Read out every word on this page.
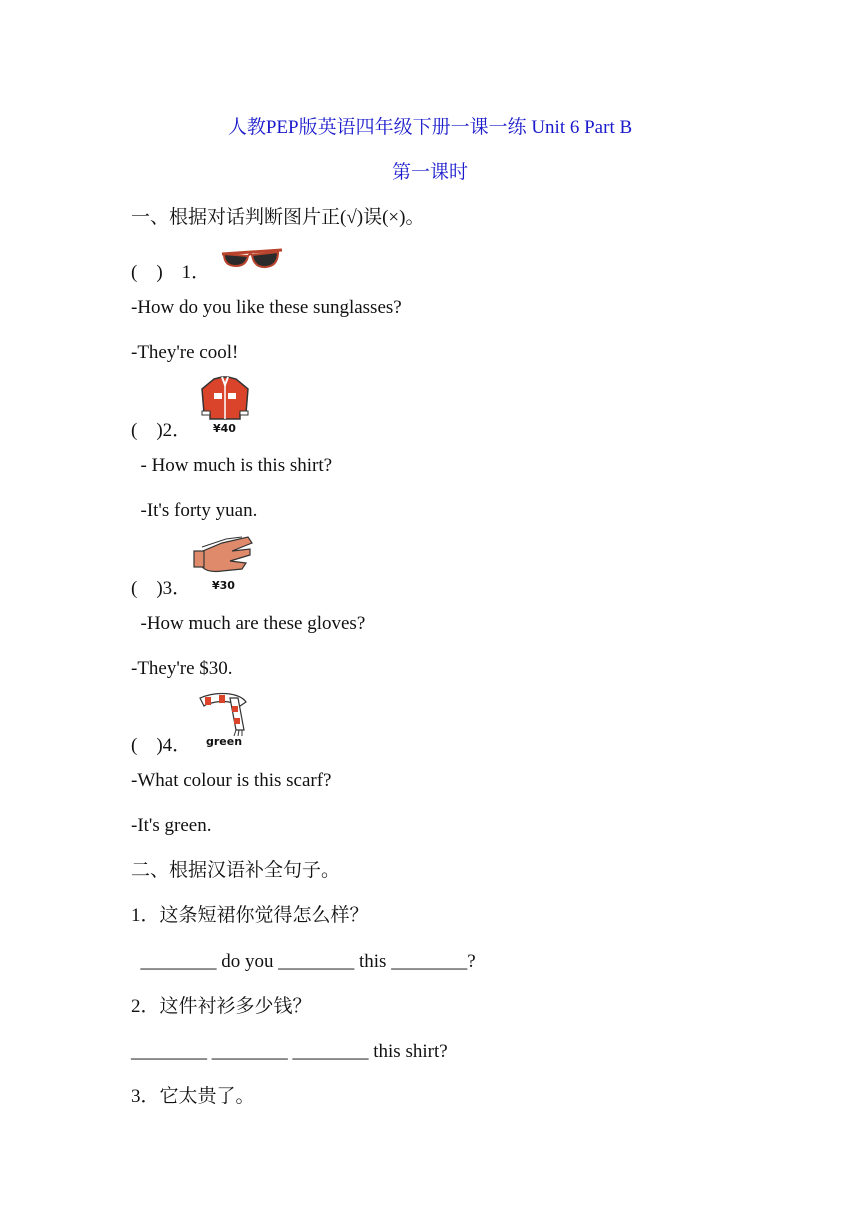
人教PEP版英语四年级下册一课一练 Unit 6 Part B
第一课时
一、根据对话判断图片正(√)误(×)。
(    )    1．
-How do you like these sunglasses?
-They're cool!
¥40
(    )2．
- How much is this shirt?
-It's forty yuan.
¥30
(    )3．
-How much are these gloves?
-They're $30.
green
(    )4．
-What colour is this scarf?
-It's green.
二、根据汉语补全句子。
1．这条短裙你觉得怎么样？
________ do you ________ this ________?
2．这件衬衫多少钱？
________ ________ ________ this shirt?
3．它太贵了。
